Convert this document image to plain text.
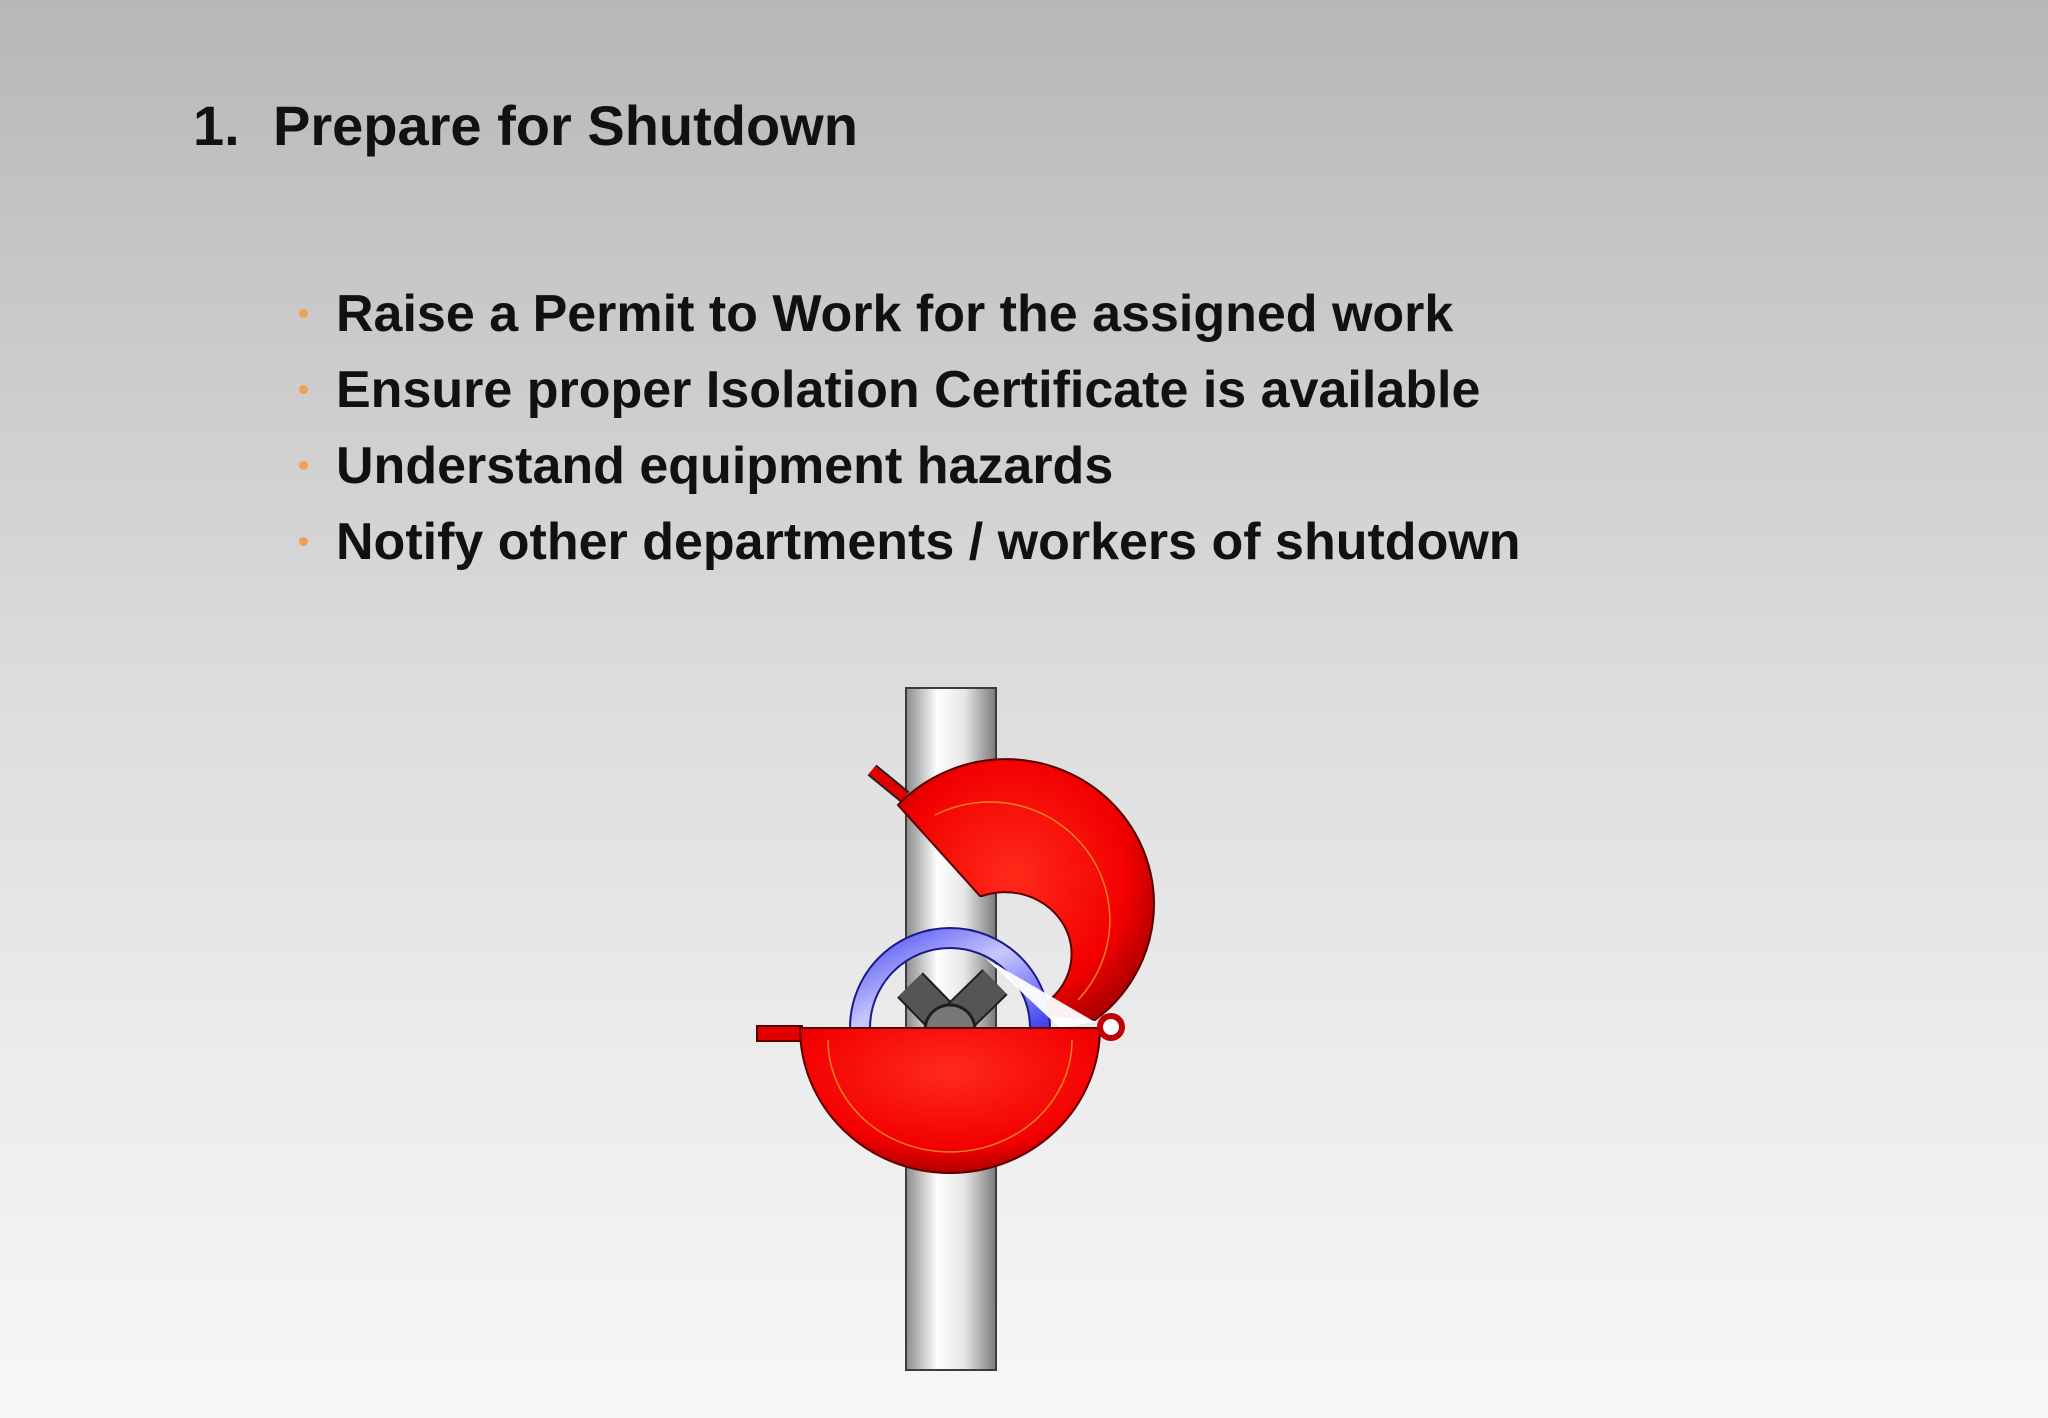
1. Prepare for Shutdown
Raise a Permit to Work for the assigned work
Ensure proper Isolation Certificate is available
Understand equipment hazards
Notify other departments / workers of shutdown
